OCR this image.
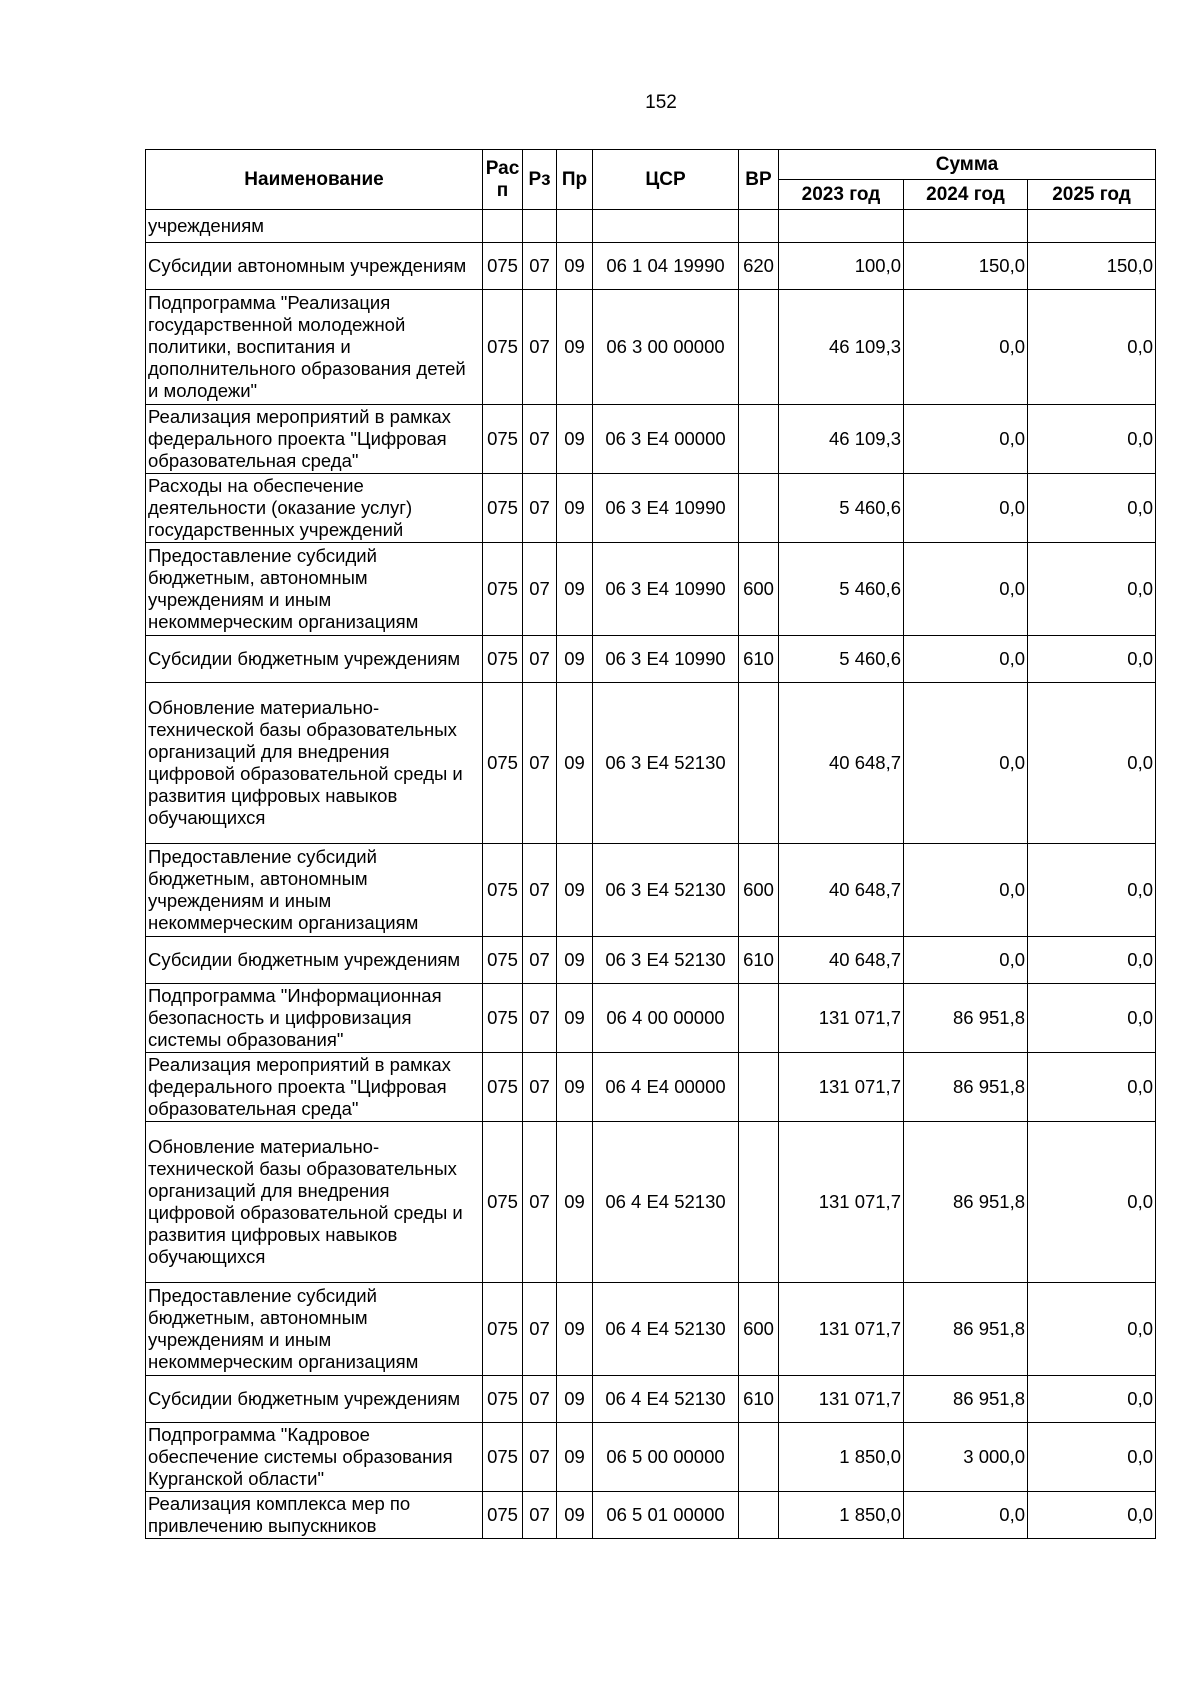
152
Наименование	Рас п	Рз	Пр	ЦСР	ВР	Сумма		
						2023 год	2024 год	2025 год
учреждениям								
Субсидии автономным учреждениям	075	07	09	06 1 04 19990	620	100,0	150,0	150,0
Подпрограмма "Реализация государственной молодежной политики, воспитания и дополнительного образования детей и молодежи"	075	07	09	06 3 00 00000		46 109,3	0,0	0,0
Реализация мероприятий в рамках федерального проекта "Цифровая образовательная среда"	075	07	09	06 3 E4 00000		46 109,3	0,0	0,0
Расходы на обеспечение деятельности (оказание услуг) государственных учреждений	075	07	09	06 3 E4 10990		5 460,6	0,0	0,0
Предоставление субсидий бюджетным, автономным учреждениям и иным некоммерческим организациям	075	07	09	06 3 E4 10990	600	5 460,6	0,0	0,0
Субсидии бюджетным учреждениям	075	07	09	06 3 E4 10990	610	5 460,6	0,0	0,0
Обновление материально-технической базы образовательных организаций для внедрения цифровой образовательной среды и развития цифровых навыков обучающихся	075	07	09	06 3 E4 52130		40 648,7	0,0	0,0
Предоставление субсидий бюджетным, автономным учреждениям и иным некоммерческим организациям	075	07	09	06 3 E4 52130	600	40 648,7	0,0	0,0
Субсидии бюджетным учреждениям	075	07	09	06 3 E4 52130	610	40 648,7	0,0	0,0
Подпрограмма "Информационная безопасность и цифровизация системы образования"	075	07	09	06 4 00 00000		131 071,7	86 951,8	0,0
Реализация мероприятий в рамках федерального проекта "Цифровая образовательная среда"	075	07	09	06 4 E4 00000		131 071,7	86 951,8	0,0
Обновление материально-технической базы образовательных организаций для внедрения цифровой образовательной среды и развития цифровых навыков обучающихся	075	07	09	06 4 E4 52130		131 071,7	86 951,8	0,0
Предоставление субсидий бюджетным, автономным учреждениям и иным некоммерческим организациям	075	07	09	06 4 E4 52130	600	131 071,7	86 951,8	0,0
Субсидии бюджетным учреждениям	075	07	09	06 4 E4 52130	610	131 071,7	86 951,8	0,0
Подпрограмма "Кадровое обеспечение системы образования Курганской области"	075	07	09	06 5 00 00000		1 850,0	3 000,0	0,0
Реализация комплекса мер по привлечению выпускников	075	07	09	06 5 01 00000		1 850,0	0,0	0,0
